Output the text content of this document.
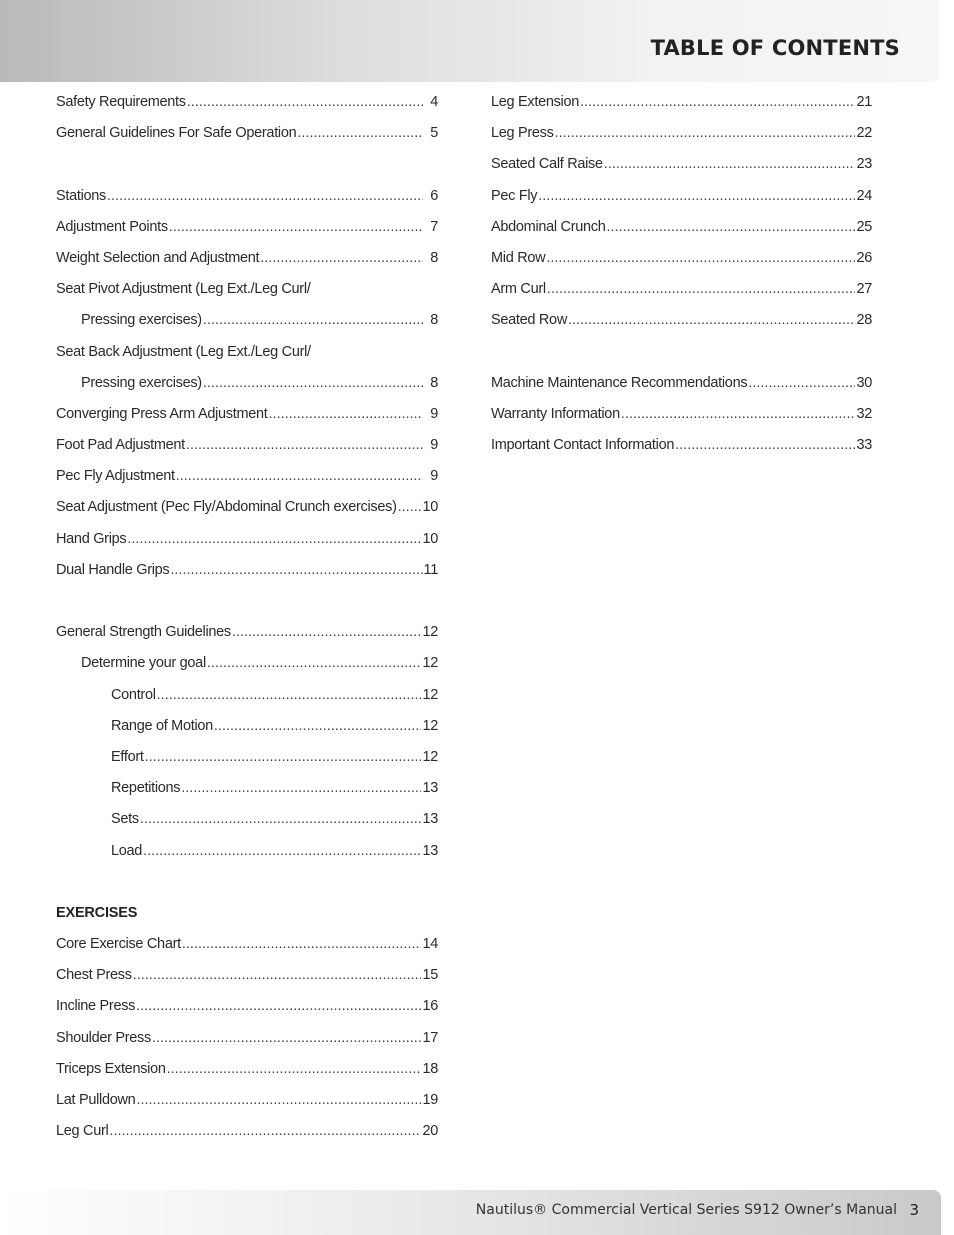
TABLE OF CONTENTS
Safety Requirements .....	4
General Guidelines For Safe Operation .....	5
Stations .....	6
Adjustment Points .....	7
Weight Selection and Adjustment .....	8
Seat Pivot Adjustment (Leg Ext./Leg Curl/
Pressing exercises) .....	8
Seat Back Adjustment (Leg Ext./Leg Curl/
Pressing exercises) .....	8
Converging Press Arm Adjustment .....	9
Foot Pad Adjustment .....	9
Pec Fly Adjustment .....	9
Seat Adjustment (Pec Fly/Abdominal Crunch exercises) ..... 10
Hand Grips .....	10
Dual Handle Grips .....	11
General Strength Guidelines .....	12
Determine your goal .....	12
Control .....	12
Range of Motion .....	12
Effort .....	12
Repetitions .....	13
Sets .....	13
Load .....	13
EXERCISES
Core Exercise Chart .....	14
Chest Press .....	15
Incline Press .....	16
Shoulder Press .....	17
Triceps Extension .....	18
Lat Pulldown .....	19
Leg Curl .....	20
Leg Extension .....	21
Leg Press .....	22
Seated Calf Raise .....	23
Pec Fly .....	24
Abdominal Crunch .....	25
Mid Row .....	26
Arm Curl .....	27
Seated Row .....	28
Machine Maintenance Recommendations .....	30
Warranty Information .....	32
Important Contact Information .....	33
Nautilus® Commercial Vertical Series S912 Owner’s Manual 3
